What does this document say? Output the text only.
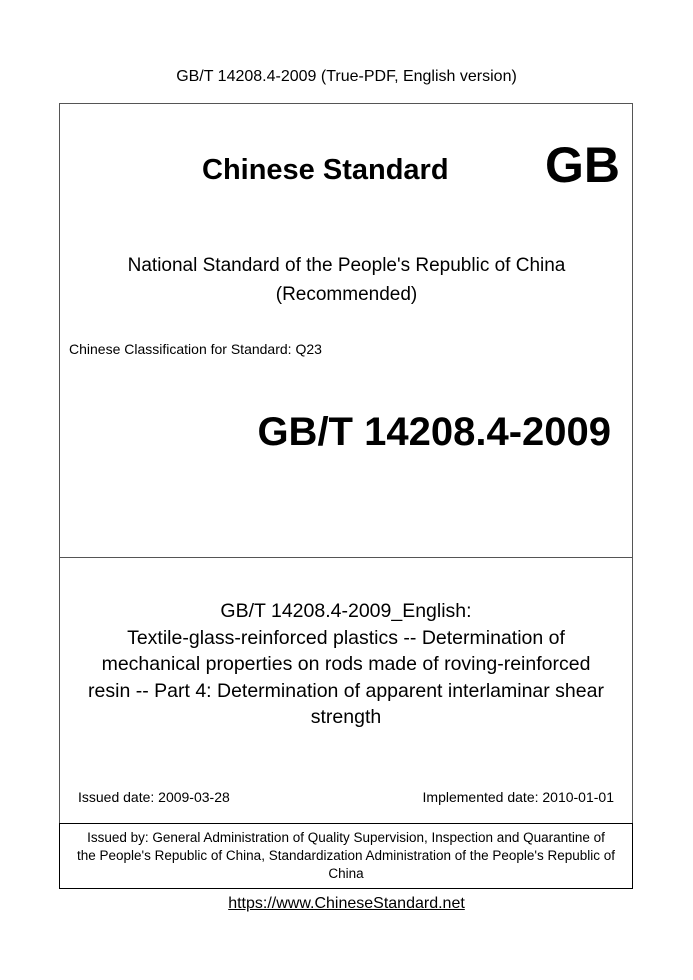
GB/T 14208.4-2009 (True-PDF, English version)
Chinese Standard GB
National Standard of the People's Republic of China
(Recommended)
Chinese Classification for Standard: Q23
GB/T 14208.4-2009
GB/T 14208.4-2009_English:
Textile-glass-reinforced plastics -- Determination of
mechanical properties on rods made of roving-reinforced
resin -- Part 4: Determination of apparent interlaminar shear
strength
Issued date: 2009-03-28	Implemented date: 2010-01-01
Issued by: General Administration of Quality Supervision, Inspection and Quarantine of
the People's Republic of China, Standardization Administration of the People's Republic of
China
https://www.ChineseStandard.net
